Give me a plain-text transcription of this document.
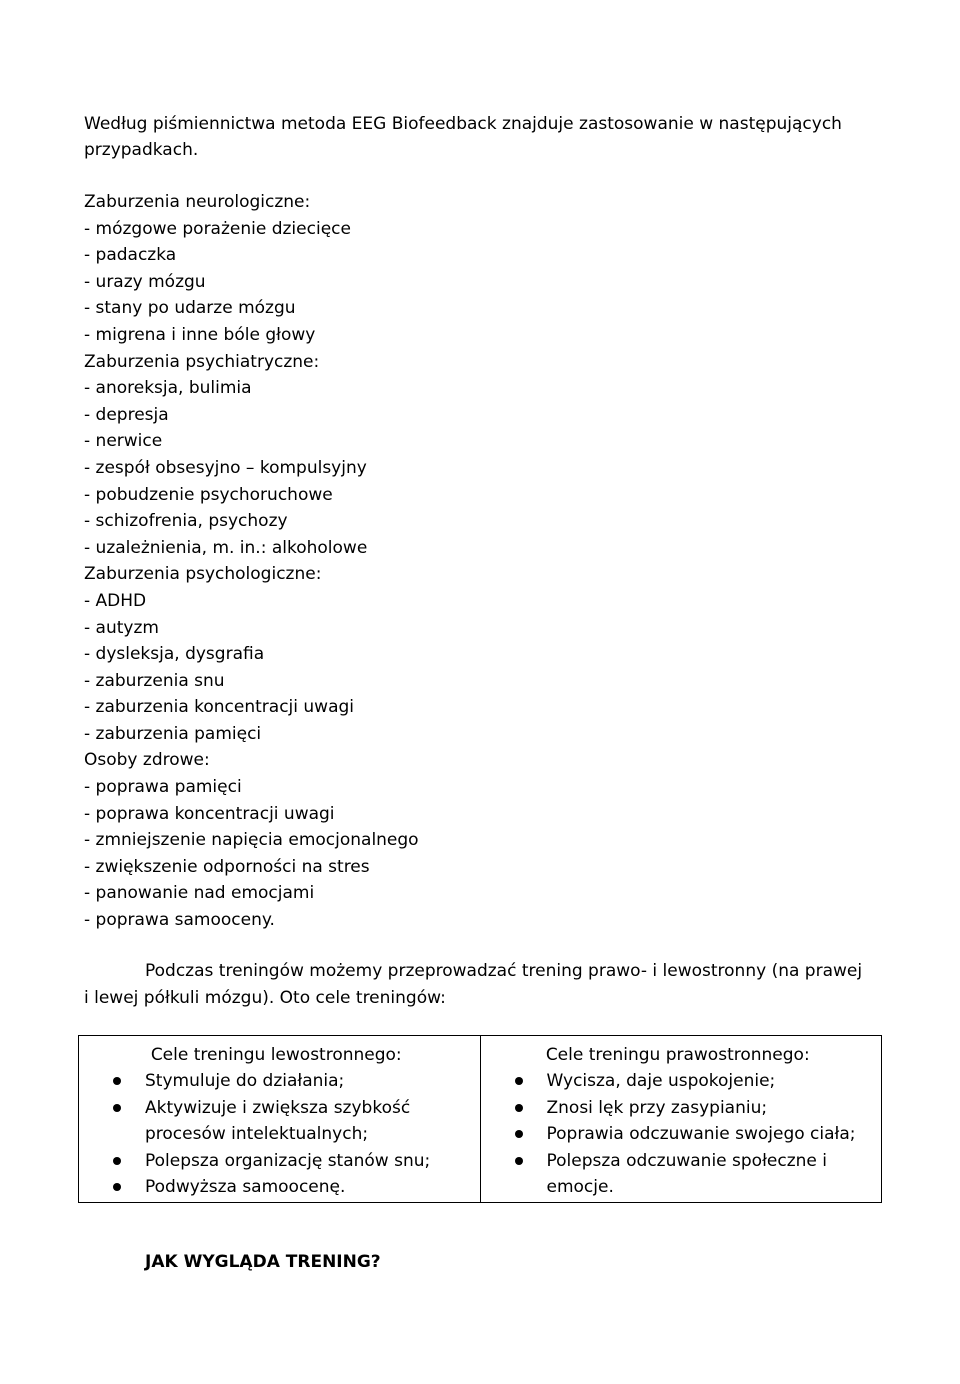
Według piśmiennictwa metoda EEG Biofeedback znajduje zastosowanie w następujących
przypadkach.
Zaburzenia neurologiczne:
- mózgowe porażenie dziecięce
- padaczka
- urazy mózgu
- stany po udarze mózgu
- migrena i inne bóle głowy
Zaburzenia psychiatryczne:
- anoreksja, bulimia
- depresja
- nerwice
- zespół obsesyjno – kompulsyjny
- pobudzenie psychoruchowe
- schizofrenia, psychozy
- uzależnienia, m. in.: alkoholowe
Zaburzenia psychologiczne:
- ADHD
- autyzm
- dysleksja, dysgrafia
- zaburzenia snu
- zaburzenia koncentracji uwagi
- zaburzenia pamięci
Osoby zdrowe:
- poprawa pamięci
- poprawa koncentracji uwagi
- zmniejszenie napięcia emocjonalnego
- zwiększenie odporności na stres
- panowanie nad emocjami
- poprawa samooceny.
Podczas treningów możemy przeprowadzać trening prawo- i lewostronny (na prawej
i lewej półkuli mózgu). Oto cele treningów:
Cele treningu lewostronnego:
Stymuluje do działania;
Aktywizuje i zwiększa szybkość procesów intelektualnych;
Polepsza organizację stanów snu;
Podwyższa samoocenę.

Cele treningu prawostronnego:
Wycisza, daje uspokojenie;
Znosi lęk przy zasypianiu;
Poprawia odczuwanie swojego ciała;
Polepsza odczuwanie społeczne i emocje.
JAK WYGLĄDA TRENING?
